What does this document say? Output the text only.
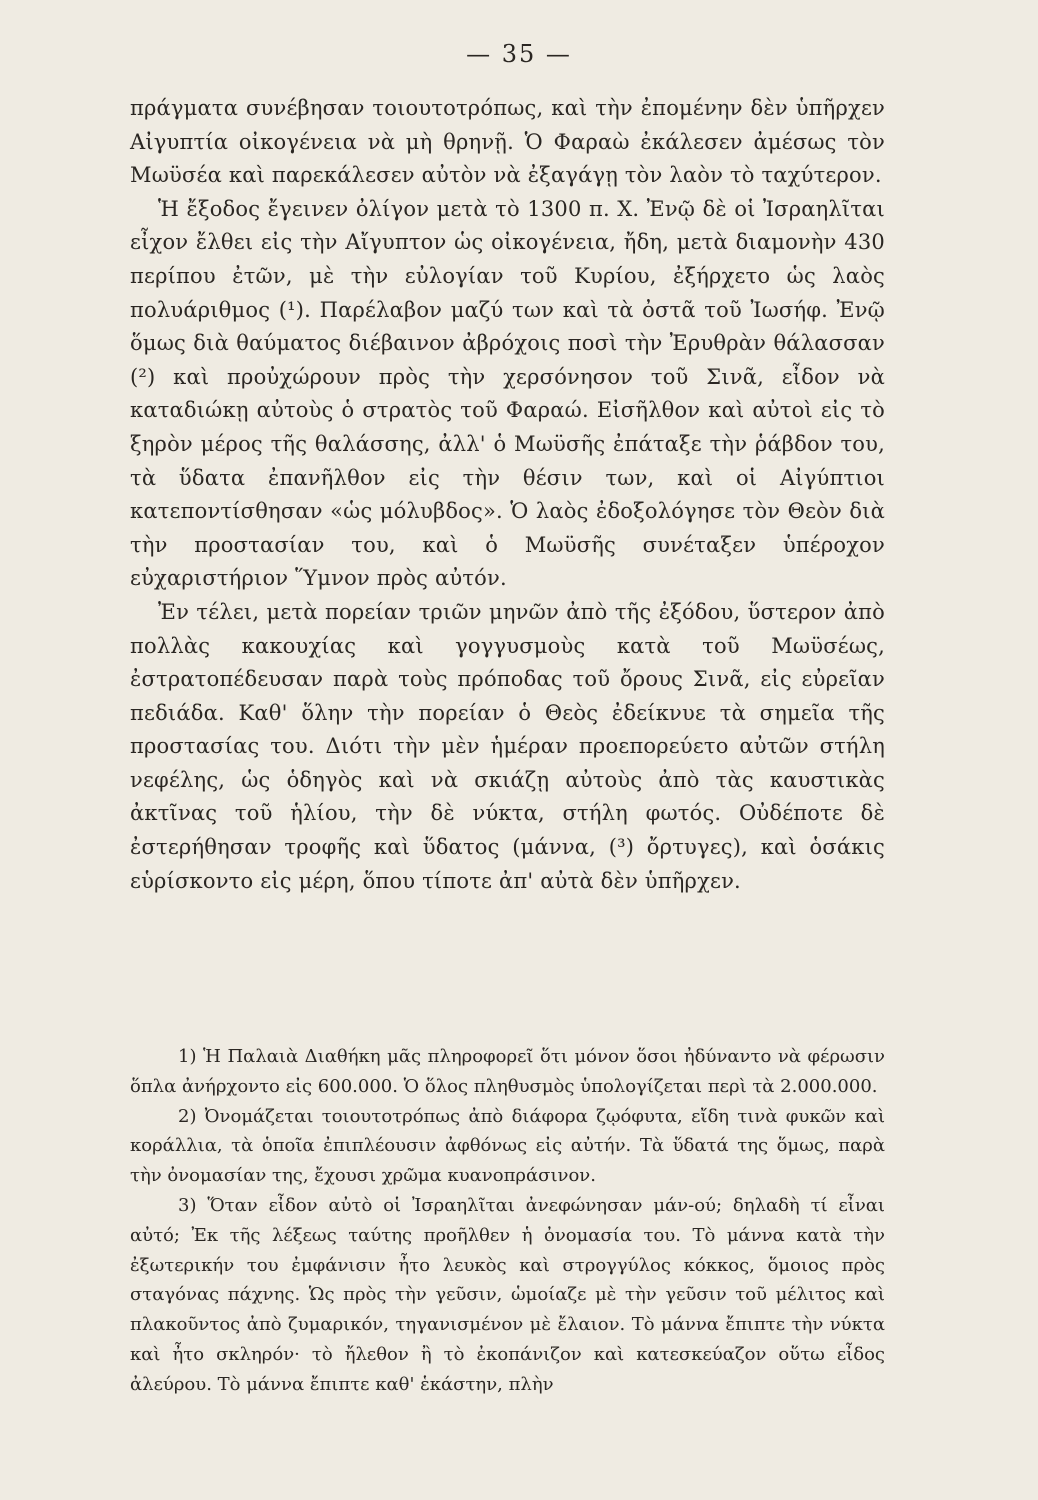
— 35 —

πράγματα συνέβησαν τοιουτοτρόπως, καὶ τὴν ἐπομένην δὲν ὑπῆρχεν Αἰγυπτία οἰκογένεια νὰ μὴ θρηνῇ. Ὁ Φαραὼ ἐκάλεσεν ἀμέσως τὸν Μωϋσέα καὶ παρεκάλεσεν αὐτὸν νὰ ἐξαγάγῃ τὸν λαὸν τὸ ταχύτερον.

Ἡ ἔξοδος ἔγεινεν ὀλίγον μετὰ τὸ 1300 π. Χ. Ἐνῷ δὲ οἱ Ἰσραηλῖται εἶχον ἔλθει εἰς τὴν Αἴγυπτον ὡς οἰκογένεια, ἤδη, μετὰ διαμονὴν 430 περίπου ἐτῶν, μὲ τὴν εὐλογίαν τοῦ Κυρίου, ἐξήρχετο ὡς λαὸς πολυάριθμος (¹). Παρέλαβον μαζύ των καὶ τὰ ὀστᾶ τοῦ Ἰωσήφ. Ἐνῷ ὅμως διὰ θαύματος διέβαινον ἀβρόχοις ποσὶ τὴν Ἐρυθρὰν θάλασσαν (²) καὶ προὐχώρουν πρὸς τὴν χερσόνησον τοῦ Σινᾶ, εἶδον νὰ καταδιώκῃ αὐτοὺς ὁ στρατὸς τοῦ Φαραώ. Εἰσῆλθον καὶ αὐτοὶ εἰς τὸ ξηρὸν μέρος τῆς θαλάσσης, ἀλλ' ὁ Μωϋσῆς ἐπάταξε τὴν ῥάβδον του, τὰ ὕδατα ἐπανῆλθον εἰς τὴν θέσιν των, καὶ οἱ Αἰγύπτιοι κατεποντίσθησαν «ὡς μόλυβδος». Ὁ λαὸς ἐδοξολόγησε τὸν Θεὸν διὰ τὴν προστασίαν του, καὶ ὁ Μωϋσῆς συνέταξεν ὑπέροχον εὐχαριστήριον Ὕμνον πρὸς αὐτόν.

Ἐν τέλει, μετὰ πορείαν τριῶν μηνῶν ἀπὸ τῆς ἐξόδου, ὕστερον ἀπὸ πολλὰς κακουχίας καὶ γογγυσμοὺς κατὰ τοῦ Μωϋσέως, ἐστρατοπέδευσαν παρὰ τοὺς πρόποδας τοῦ ὄρους Σινᾶ, εἰς εὐρεῖαν πεδιάδα. Καθ' ὅλην τὴν πορείαν ὁ Θεὸς ἐδείκνυε τὰ σημεῖα τῆς προστασίας του. Διότι τὴν μὲν ἡμέραν προεπορεύετο αὐτῶν στήλη νεφέλης, ὡς ὁδηγὸς καὶ νὰ σκιάζῃ αὐτοὺς ἀπὸ τὰς καυστικὰς ἀκτῖνας τοῦ ἡλίου, τὴν δὲ νύκτα, στήλη φωτός. Οὐδέποτε δὲ ἐστερήθησαν τροφῆς καὶ ὕδατος (μάννα, (³) ὄρτυγες), καὶ ὁσάκις εὑρίσκοντο εἰς μέρη, ὅπου τίποτε ἀπ' αὐτὰ δὲν ὑπῆρχεν.

1) Ἡ Παλαιὰ Διαθήκη μᾶς πληροφορεῖ ὅτι μόνον ὅσοι ἠδύναντο νὰ φέρωσιν ὅπλα ἀνήρχοντο εἰς 600.000. Ὁ ὅλος πληθυσμὸς ὑπολογίζεται περὶ τὰ 2.000.000.

2) Ὀνομάζεται τοιουτοτρόπως ἀπὸ διάφορα ζῳόφυτα, εἴδη τινὰ φυκῶν καὶ κοράλλια, τὰ ὁποῖα ἐπιπλέουσιν ἀφθόνως εἰς αὐτήν. Τὰ ὕδατά της ὅμως, παρὰ τὴν ὀνομασίαν της, ἔχουσι χρῶμα κυανοπράσινον.

3) Ὅταν εἶδον αὐτὸ οἱ Ἰσραηλῖται ἀνεφώνησαν μάν-ού; δηλαδὴ τί εἶναι αὐτό; Ἐκ τῆς λέξεως ταύτης προῆλθεν ἡ ὀνομασία του. Τὸ μάννα κατὰ τὴν ἐξωτερικήν του ἐμφάνισιν ἦτο λευκὸς καὶ στρογγύλος κόκκος, ὅμοιος πρὸς σταγόνας πάχνης. Ὡς πρὸς τὴν γεῦσιν, ὡμοίαζε μὲ τὴν γεῦσιν τοῦ μέλιτος καὶ πλακοῦντος ἀπὸ ζυμαρικόν, τηγανισμένον μὲ ἔλαιον. Τὸ μάννα ἔπιπτε τὴν νύκτα καὶ ἦτο σκληρόν· τὸ ἤλεθον ἢ τὸ ἐκοπάνιζον καὶ κατεσκεύαζον οὕτω εἶδος ἀλεύρου. Τὸ μάννα ἔπιπτε καθ' ἑκάστην, πλὴν
